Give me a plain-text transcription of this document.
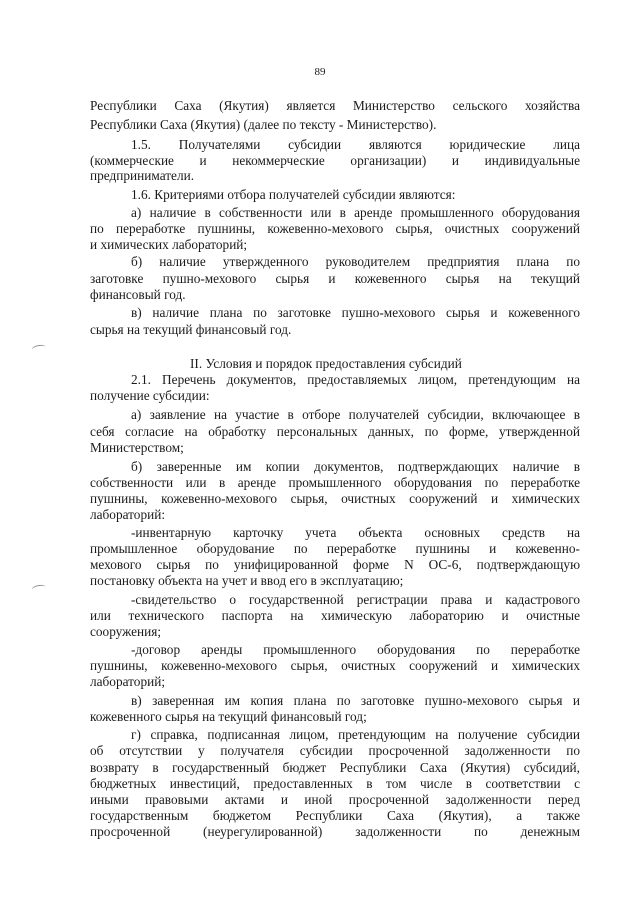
89
Республики Саха (Якутия) является Министерство сельского хозяйства
Республики Саха (Якутия) (далее по тексту - Министерство).
1.5. Получателями субсидии являются юридические лица
(коммерческие и некоммерческие организации) и индивидуальные
предприниматели.
1.6. Критериями отбора получателей субсидии являются:
а) наличие в собственности или в аренде промышленного оборудования
по переработке пушнины, кожевенно-мехового сырья, очистных сооружений
и химических лабораторий;
б) наличие утвержденного руководителем предприятия плана по
заготовке пушно-мехового сырья и кожевенного сырья на текущий
финансовый год.
в) наличие плана по заготовке пушно-мехового сырья и кожевенного
сырья на текущий финансовый год.
II. Условия и порядок предоставления субсидий
2.1. Перечень документов, предоставляемых лицом, претендующим на
получение субсидии:
а) заявление на участие в отборе получателей субсидии, включающее в
себя согласие на обработку персональных данных, по форме, утвержденной
Министерством;
б) заверенные им копии документов, подтверждающих наличие в
собственности или в аренде промышленного оборудования по переработке
пушнины, кожевенно-мехового сырья, очистных сооружений и химических
лабораторий:
-инвентарную карточку учета объекта основных средств на
промышленное оборудование по переработке пушнины и кожевенно-
мехового сырья по унифицированной форме N ОС-6, подтверждающую
постановку объекта на учет и ввод его в эксплуатацию;
-свидетельство о государственной регистрации права и кадастрового
или технического паспорта на химическую лабораторию и очистные
сооружения;
-договор аренды промышленного оборудования по переработке
пушнины, кожевенно-мехового сырья, очистных сооружений и химических
лабораторий;
в) заверенная им копия плана по заготовке пушно-мехового сырья и
кожевенного сырья на текущий финансовый год;
г) справка, подписанная лицом, претендующим на получение субсидии
об отсутствии у получателя субсидии просроченной задолженности по
возврату в государственный бюджет Республики Саха (Якутия) субсидий,
бюджетных инвестиций, предоставленных в том числе в соответствии с
иными правовыми актами и иной просроченной задолженности перед
государственным бюджетом Республики Саха (Якутия), а также
просроченной (неурегулированной) задолженности по денежным
